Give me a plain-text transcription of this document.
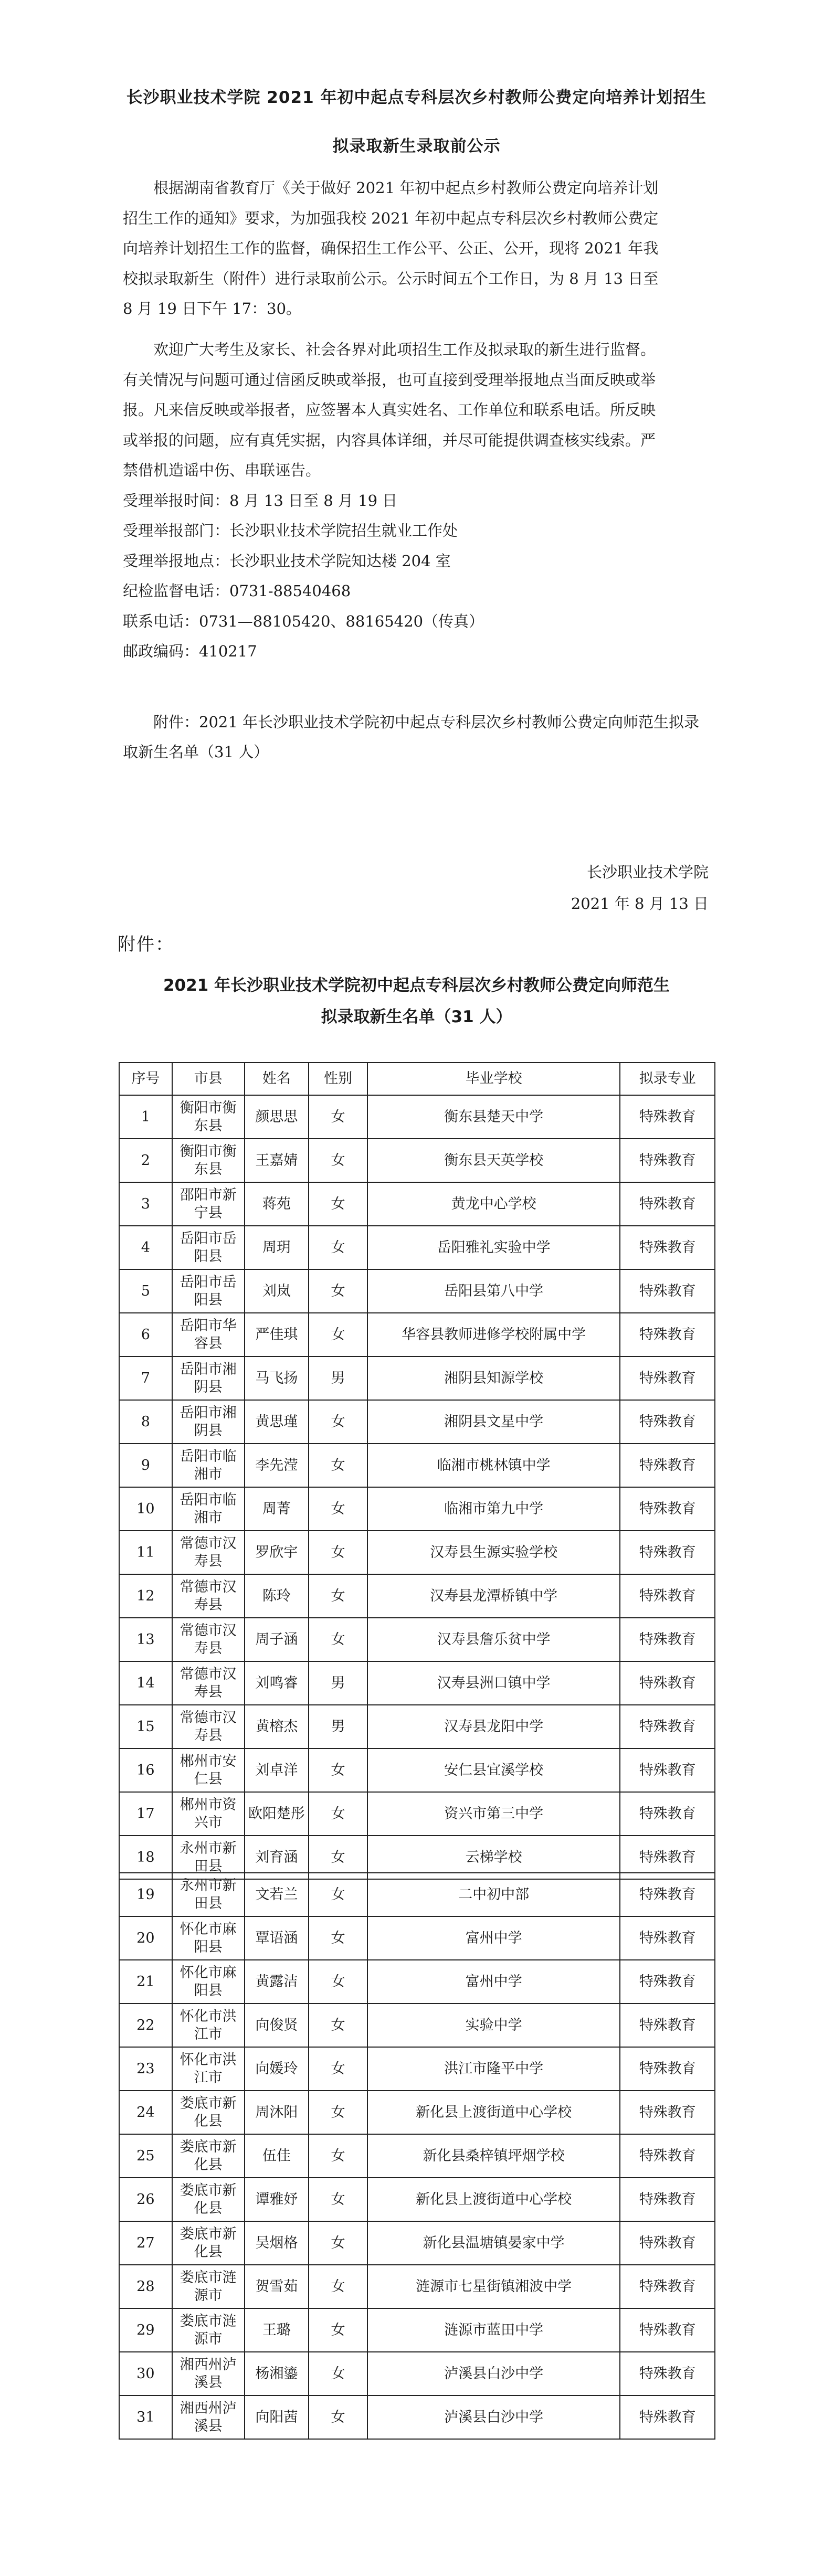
长沙职业技术学院 2021 年初中起点专科层次乡村教师公费定向培养计划招生
拟录取新生录取前公示
根据湖南省教育厅《关于做好 2021 年初中起点乡村教师公费定向培养计划
招生工作的通知》要求，为加强我校 2021 年初中起点专科层次乡村教师公费定
向培养计划招生工作的监督，确保招生工作公平、公正、公开，现将 2021 年我
校拟录取新生（附件）进行录取前公示。公示时间五个工作日，为 8 月 13 日至
8 月 19 日下午 17：30。
欢迎广大考生及家长、社会各界对此项招生工作及拟录取的新生进行监督。
有关情况与问题可通过信函反映或举报，也可直接到受理举报地点当面反映或举
报。凡来信反映或举报者，应签署本人真实姓名、工作单位和联系电话。所反映
或举报的问题，应有真凭实据，内容具体详细，并尽可能提供调查核实线索。严
禁借机造谣中伤、串联诬告。
受理举报时间：8 月 13 日至 8 月 19 日
受理举报部门：长沙职业技术学院招生就业工作处
受理举报地点：长沙职业技术学院知达楼 204 室
纪检监督电话：0731-88540468
联系电话：0731—88105420、88165420（传真）
邮政编码：410217
附件：2021 年长沙职业技术学院初中起点专科层次乡村教师公费定向师范生拟录取新生名单（31 人）
长沙职业技术学院
2021 年 8 月 13 日
附件：
2021 年长沙职业技术学院初中起点专科层次乡村教师公费定向师范生
拟录取新生名单（31 人）
序号	市县	姓名	性别	毕业学校	拟录专业
1	衡阳市衡东县	颜思思	女	衡东县楚天中学	特殊教育
2	衡阳市衡东县	王嘉婧	女	衡东县天英学校	特殊教育
3	邵阳市新宁县	蒋苑	女	黄龙中心学校	特殊教育
4	岳阳市岳阳县	周玥	女	岳阳雅礼实验中学	特殊教育
5	岳阳市岳阳县	刘岚	女	岳阳县第八中学	特殊教育
6	岳阳市华容县	严佳琪	女	华容县教师进修学校附属中学	特殊教育
7	岳阳市湘阴县	马飞扬	男	湘阴县知源学校	特殊教育
8	岳阳市湘阴县	黄思瑾	女	湘阴县文星中学	特殊教育
9	岳阳市临湘市	李先滢	女	临湘市桃林镇中学	特殊教育
10	岳阳市临湘市	周菁	女	临湘市第九中学	特殊教育
11	常德市汉寿县	罗欣宇	女	汉寿县生源实验学校	特殊教育
12	常德市汉寿县	陈玲	女	汉寿县龙潭桥镇中学	特殊教育
13	常德市汉寿县	周子涵	女	汉寿县詹乐贫中学	特殊教育
14	常德市汉寿县	刘鸣睿	男	汉寿县洲口镇中学	特殊教育
15	常德市汉寿县	黄榕杰	男	汉寿县龙阳中学	特殊教育
16	郴州市安仁县	刘卓洋	女	安仁县宜溪学校	特殊教育
17	郴州市资兴市	欧阳楚彤	女	资兴市第三中学	特殊教育
18	永州市新田县	刘育涵	女	云梯学校	特殊教育
19	永州市新田县	文若兰	女	二中初中部	特殊教育
20	怀化市麻阳县	覃语涵	女	富州中学	特殊教育
21	怀化市麻阳县	黄露洁	女	富州中学	特殊教育
22	怀化市洪江市	向俊贤	女	实验中学	特殊教育
23	怀化市洪江市	向媛玲	女	洪江市隆平中学	特殊教育
24	娄底市新化县	周沐阳	女	新化县上渡街道中心学校	特殊教育
25	娄底市新化县	伍佳	女	新化县桑梓镇坪烟学校	特殊教育
26	娄底市新化县	谭雅妤	女	新化县上渡街道中心学校	特殊教育
27	娄底市新化县	吴烟格	女	新化县温塘镇晏家中学	特殊教育
28	娄底市涟源市	贺雪茹	女	涟源市七星街镇湘波中学	特殊教育
29	娄底市涟源市	王璐	女	涟源市蓝田中学	特殊教育
30	湘西州泸溪县	杨湘鎏	女	泸溪县白沙中学	特殊教育
31	湘西州泸溪县	向阳茜	女	泸溪县白沙中学	特殊教育
